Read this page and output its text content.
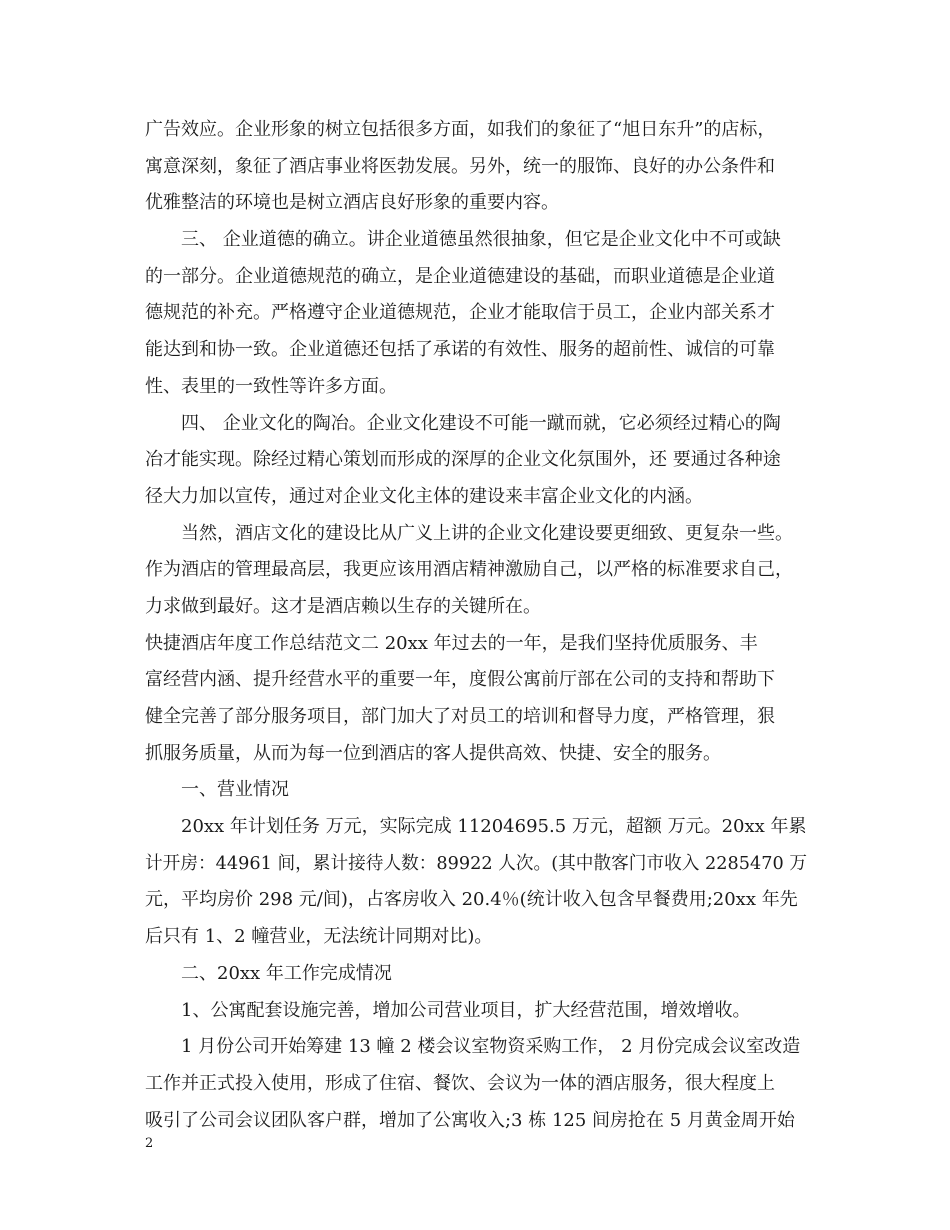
广告效应。企业形象的树立包括很多方面，如我们的象征了“旭日东升”的店标，
寓意深刻，象征了酒店事业将医勃发展。另外，统一的服饰、良好的办公条件和
优雅整洁的环境也是树立酒店良好形象的重要内容。
三、 企业道德的确立。讲企业道德虽然很抽象，但它是企业文化中不可或缺
的一部分。企业道德规范的确立，是企业道德建设的基础，而职业道德是企业道
德规范的补充。严格遵守企业道德规范，企业才能取信于员工，企业内部关系才
能达到和协一致。企业道德还包括了承诺的有效性、服务的超前性、诚信的可靠
性、表里的一致性等许多方面。
四、 企业文化的陶冶。企业文化建设不可能一蹴而就，它必须经过精心的陶
冶才能实现。除经过精心策划而形成的深厚的企业文化氛围外，还 要通过各种途
径大力加以宣传，通过对企业文化主体的建设来丰富企业文化的内涵。
当然，酒店文化的建设比从广义上讲的企业文化建设要更细致、更复杂一些。
作为酒店的管理最高层，我更应该用酒店精神激励自己，以严格的标准要求自己，
力求做到最好。这才是酒店赖以生存的关键所在。
快捷酒店年度工作总结范文二 20xx 年过去的一年，是我们坚持优质服务、丰
富经营内涵、提升经营水平的重要一年，度假公寓前厅部在公司的支持和帮助下
健全完善了部分服务项目，部门加大了对员工的培训和督导力度，严格管理，狠
抓服务质量，从而为每一位到酒店的客人提供高效、快捷、安全的服务。
一、营业情况
20xx 年计划任务 万元，实际完成 11204695.5 万元，超额 万元。20xx 年累
计开房：44961 间，累计接待人数：89922 人次。(其中散客门市收入 2285470 万
元，平均房价 298 元/间)，占客房收入 20.4％(统计收入包含早餐费用;20xx 年先
后只有 1、2 幢营业，无法统计同期对比)。
二、20xx 年工作完成情况
1、公寓配套设施完善，增加公司营业项目，扩大经营范围，增效增收。
1 月份公司开始筹建 13 幢 2 楼会议室物资采购工作， 2 月份完成会议室改造
工作并正式投入使用，形成了住宿、餐饮、会议为一体的酒店服务，很大程度上
吸引了公司会议团队客户群，增加了公寓收入;3 栋 125 间房抢在 5 月黄金周开始
2
